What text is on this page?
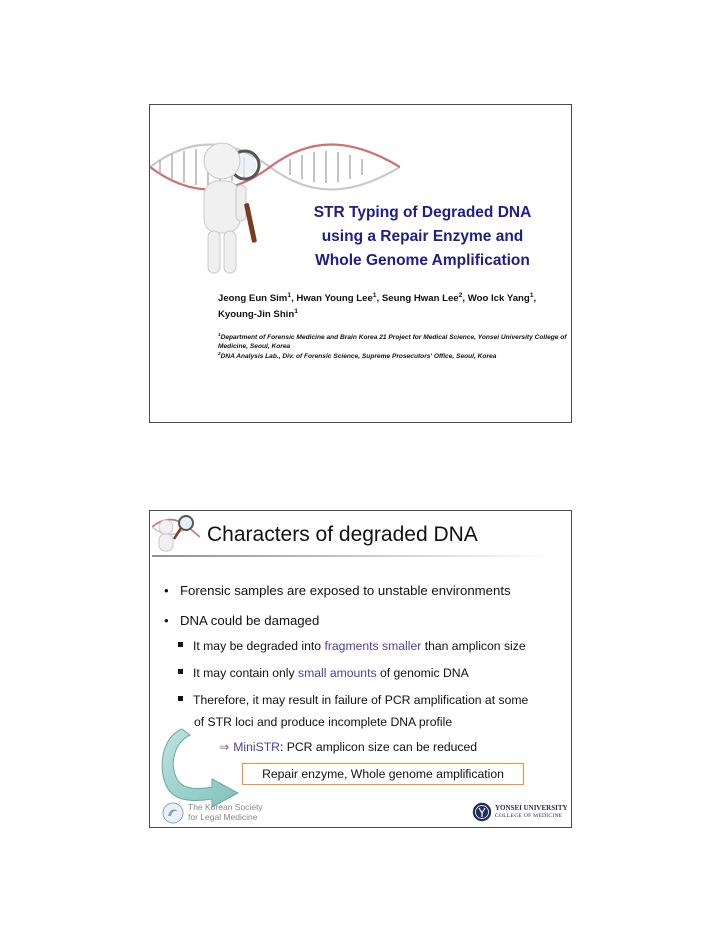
STR Typing of Degraded DNA
using a Repair Enzyme and
Whole Genome Amplification
Jeong Eun Sim$^1$, Hwan Young Lee$^1$, Seung Hwan Lee$^2$, Woo Ick Yang$^1$,
Kyoung-Jin Shin$^1$
$^1$Department of Forensic Medicine and Brain Korea 21 Project for Medical Science, Yonsei University College of Medicine, Seoul, Korea
$^2$DNA Analysis Lab., Div. of Forensic Science, Supreme Prosecutors' Office, Seoul, Korea
Characters of degraded DNA
• Forensic samples are exposed to unstable environments
• DNA could be damaged
It may be degraded into fragments smaller than amplicon size
It may contain only small amounts of genomic DNA
Therefore, it may result in failure of PCR amplification at some
of STR loci and produce incomplete DNA profile
⇒ MiniSTR: PCR amplicon size can be reduced
Repair enzyme, Whole genome amplification
The Korean Society
for Legal Medicine
YONSEI UNIVERSITY
COLLEGE OF MEDICINE
